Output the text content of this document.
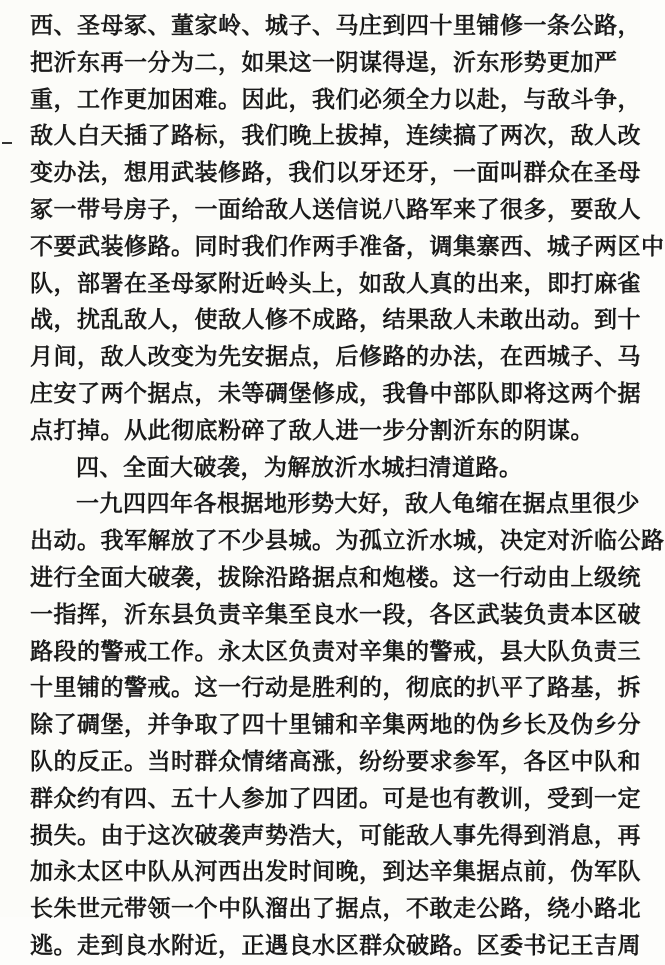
西、圣母冢、董家岭、城子、马庄到四十里铺修一条公路，
把沂东再一分为二，如果这一阴谋得逞，沂东形势更加严
重，工作更加困难。因此，我们必须全力以赴，与敌斗争，
敌人白天插了路标，我们晚上拔掉，连续搞了两次，敌人改
变办法，想用武装修路，我们以牙还牙，一面叫群众在圣母
冢一带号房子，一面给敌人送信说八路军来了很多，要敌人
不要武装修路。同时我们作两手准备，调集寨西、城子两区中
队，部署在圣母冢附近岭头上，如敌人真的出来，即打麻雀
战，扰乱敌人，使敌人修不成路，结果敌人未敢出动。到十
月间，敌人改变为先安据点，后修路的办法，在西城子、马
庄安了两个据点，未等碉堡修成，我鲁中部队即将这两个据
点打掉。从此彻底粉碎了敌人进一步分割沂东的阴谋。
四、全面大破袭，为解放沂水城扫清道路。
一九四四年各根据地形势大好，敌人龟缩在据点里很少
出动。我军解放了不少县城。为孤立沂水城，决定对沂临公路
进行全面大破袭，拔除沿路据点和炮楼。这一行动由上级统
一指挥，沂东县负责辛集至良水一段，各区武装负责本区破
路段的警戒工作。永太区负责对辛集的警戒，县大队负责三
十里铺的警戒。这一行动是胜利的，彻底的扒平了路基，拆
除了碉堡，并争取了四十里铺和辛集两地的伪乡长及伪乡分
队的反正。当时群众情绪高涨，纷纷要求参军，各区中队和
群众约有四、五十人参加了四团。可是也有教训，受到一定
损失。由于这次破袭声势浩大，可能敌人事先得到消息，再
加永太区中队从河西出发时间晚，到达辛集据点前，伪军队
长朱世元带领一个中队溜出了据点，不敢走公路，绕小路北
逃。走到良水附近，正遇良水区群众破路。区委书记王吉周
